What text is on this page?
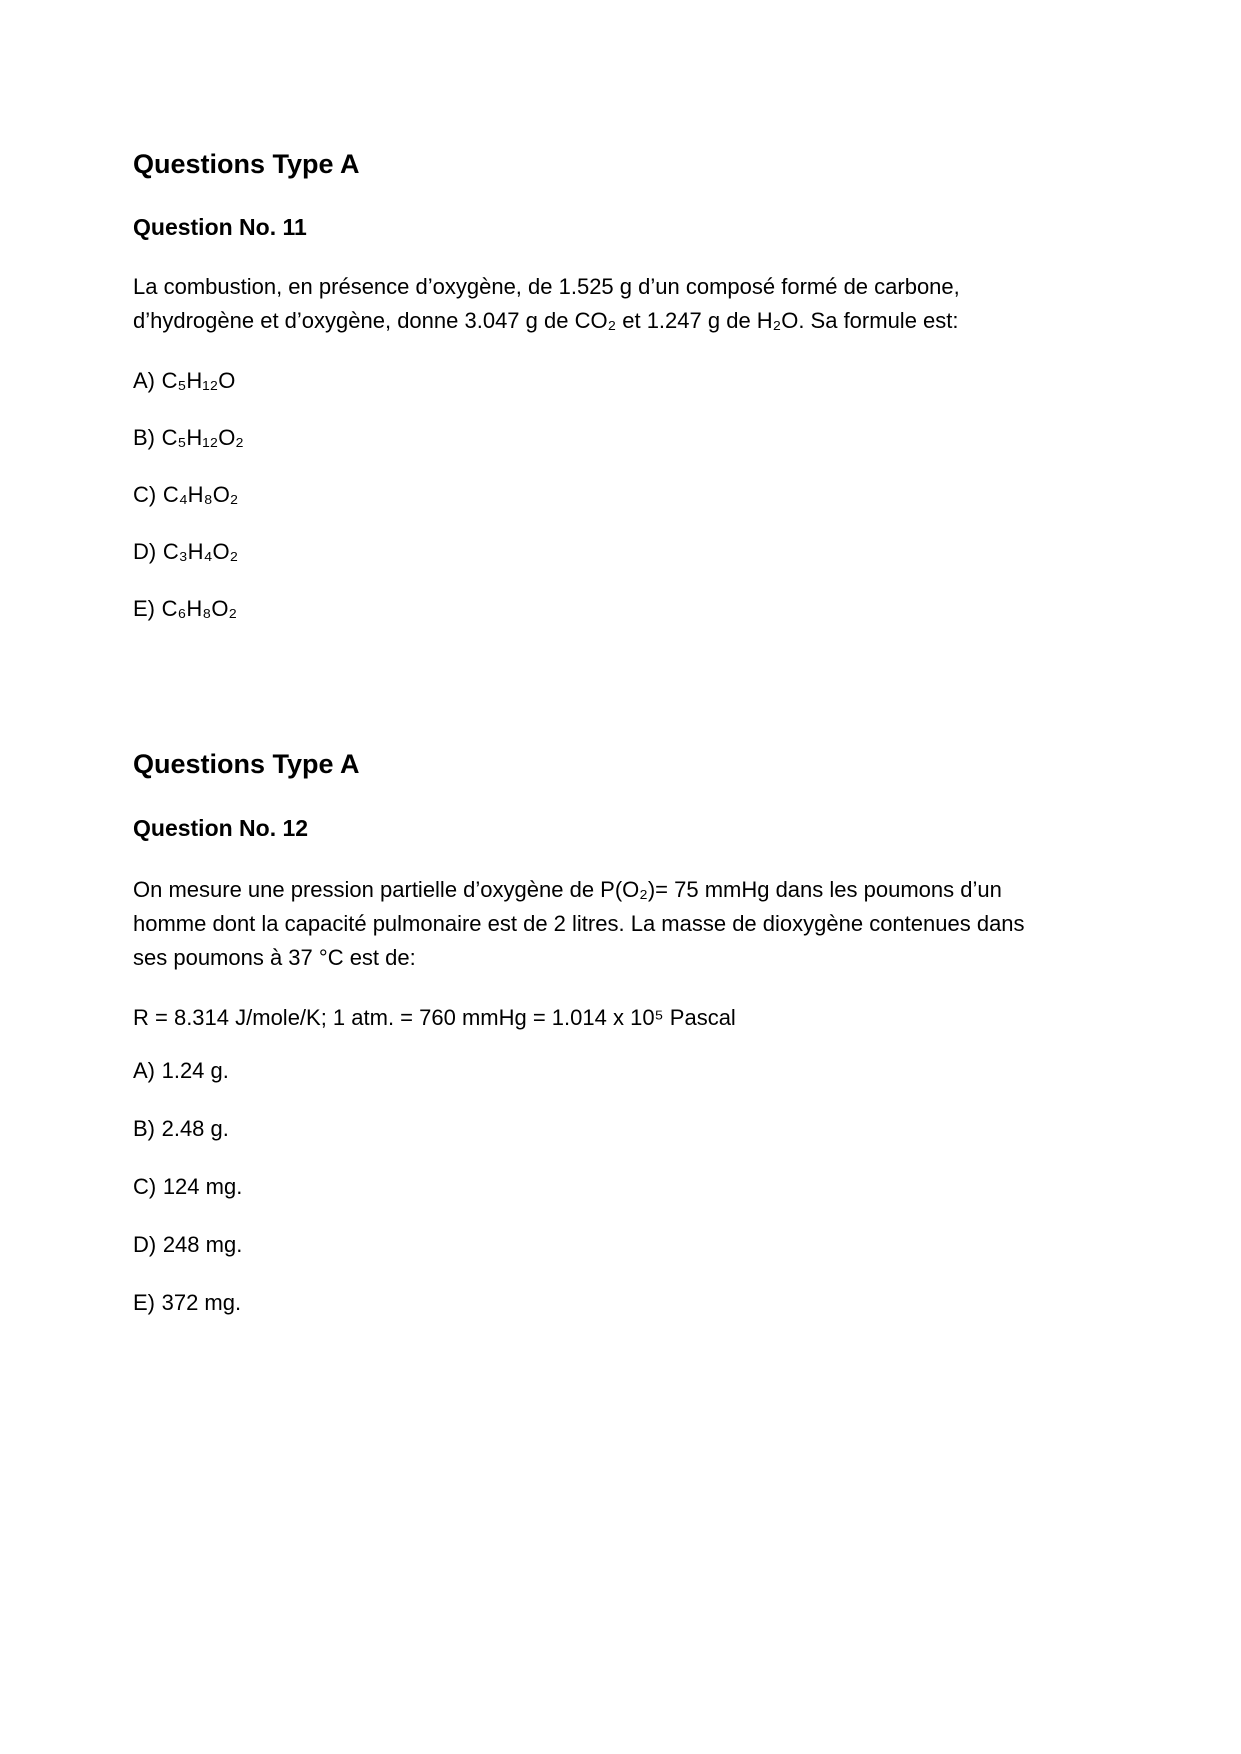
Questions Type A
Question No. 11
La combustion, en présence d’oxygène, de 1.525 g d’un composé formé de carbone,
d’hydrogène et d’oxygène, donne 3.047 g de CO₂ et 1.247 g de H₂O. Sa formule est:

A) C₅H₁₂O

B) C₅H₁₂O₂

C) C₄H₈O₂

D) C₃H₄O₂

E) C₆H₈O₂

Questions Type A
Question No. 12
On mesure une pression partielle d’oxygène de P(O₂)= 75 mmHg dans les poumons d’un
homme dont la capacité pulmonaire est de 2 litres. La masse de dioxygène contenues dans
ses poumons à 37 °C est de:

R = 8.314 J/mole/K; 1 atm. = 760 mmHg = 1.014 x 10⁵ Pascal

A) 1.24 g.

B) 2.48 g.

C) 124 mg.

D) 248 mg.

E) 372 mg.
